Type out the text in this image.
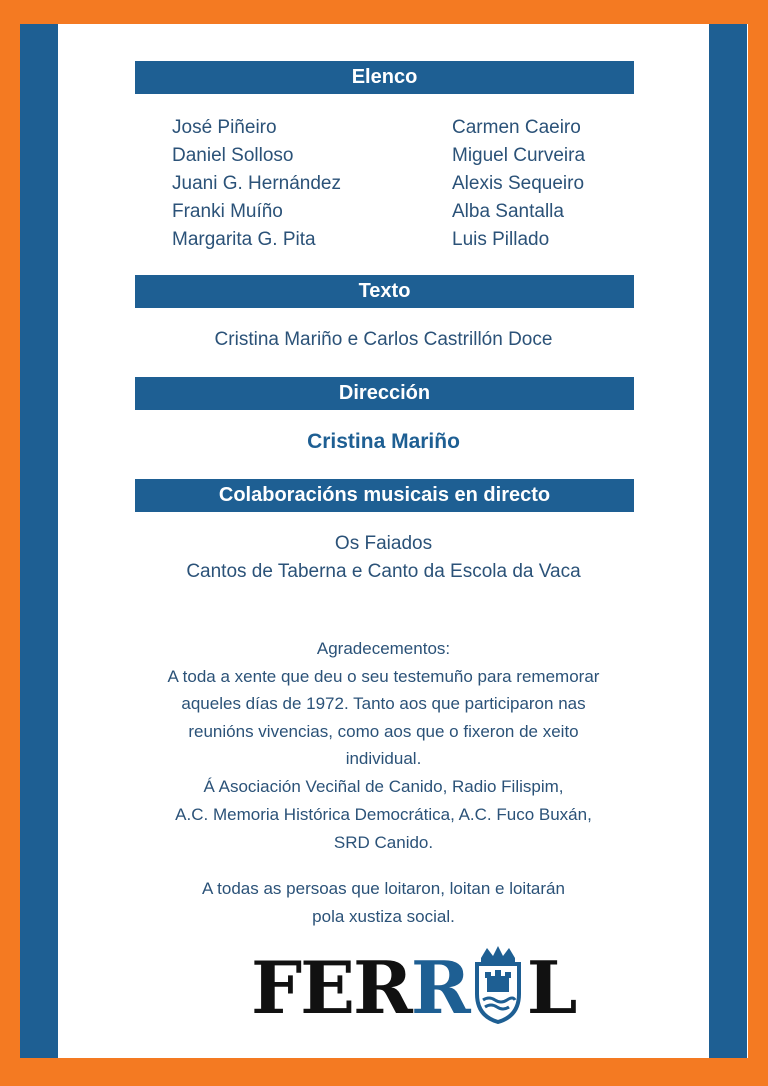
Elenco
José Piñeiro
Daniel Solloso
Juani G. Hernández
Franki Muíño
Margarita G. Pita
Carmen Caeiro
Miguel Curveira
Alexis Sequeiro
Alba Santalla
Luis Pillado
Texto
Cristina Mariño e Carlos Castrillón Doce
Dirección
Cristina Mariño
Colaboracións musicais en directo
Os Faiados
Cantos de Taberna e Canto da Escola da Vaca
Agradecementos:
A toda a xente que deu o seu testemuño para rememorar
aqueles días de 1972. Tanto aos que participaron nas
reunións vivencias, como aos que o fixeron de xeito
individual.
Á Asociación Veciñal de Canido, Radio Filispim,
A.C. Memoria Histórica Democrática, A.C. Fuco Buxán,
SRD Canido.
A todas as persoas que loitaron, loitan e loitarán
pola xustiza social.
FER R L
